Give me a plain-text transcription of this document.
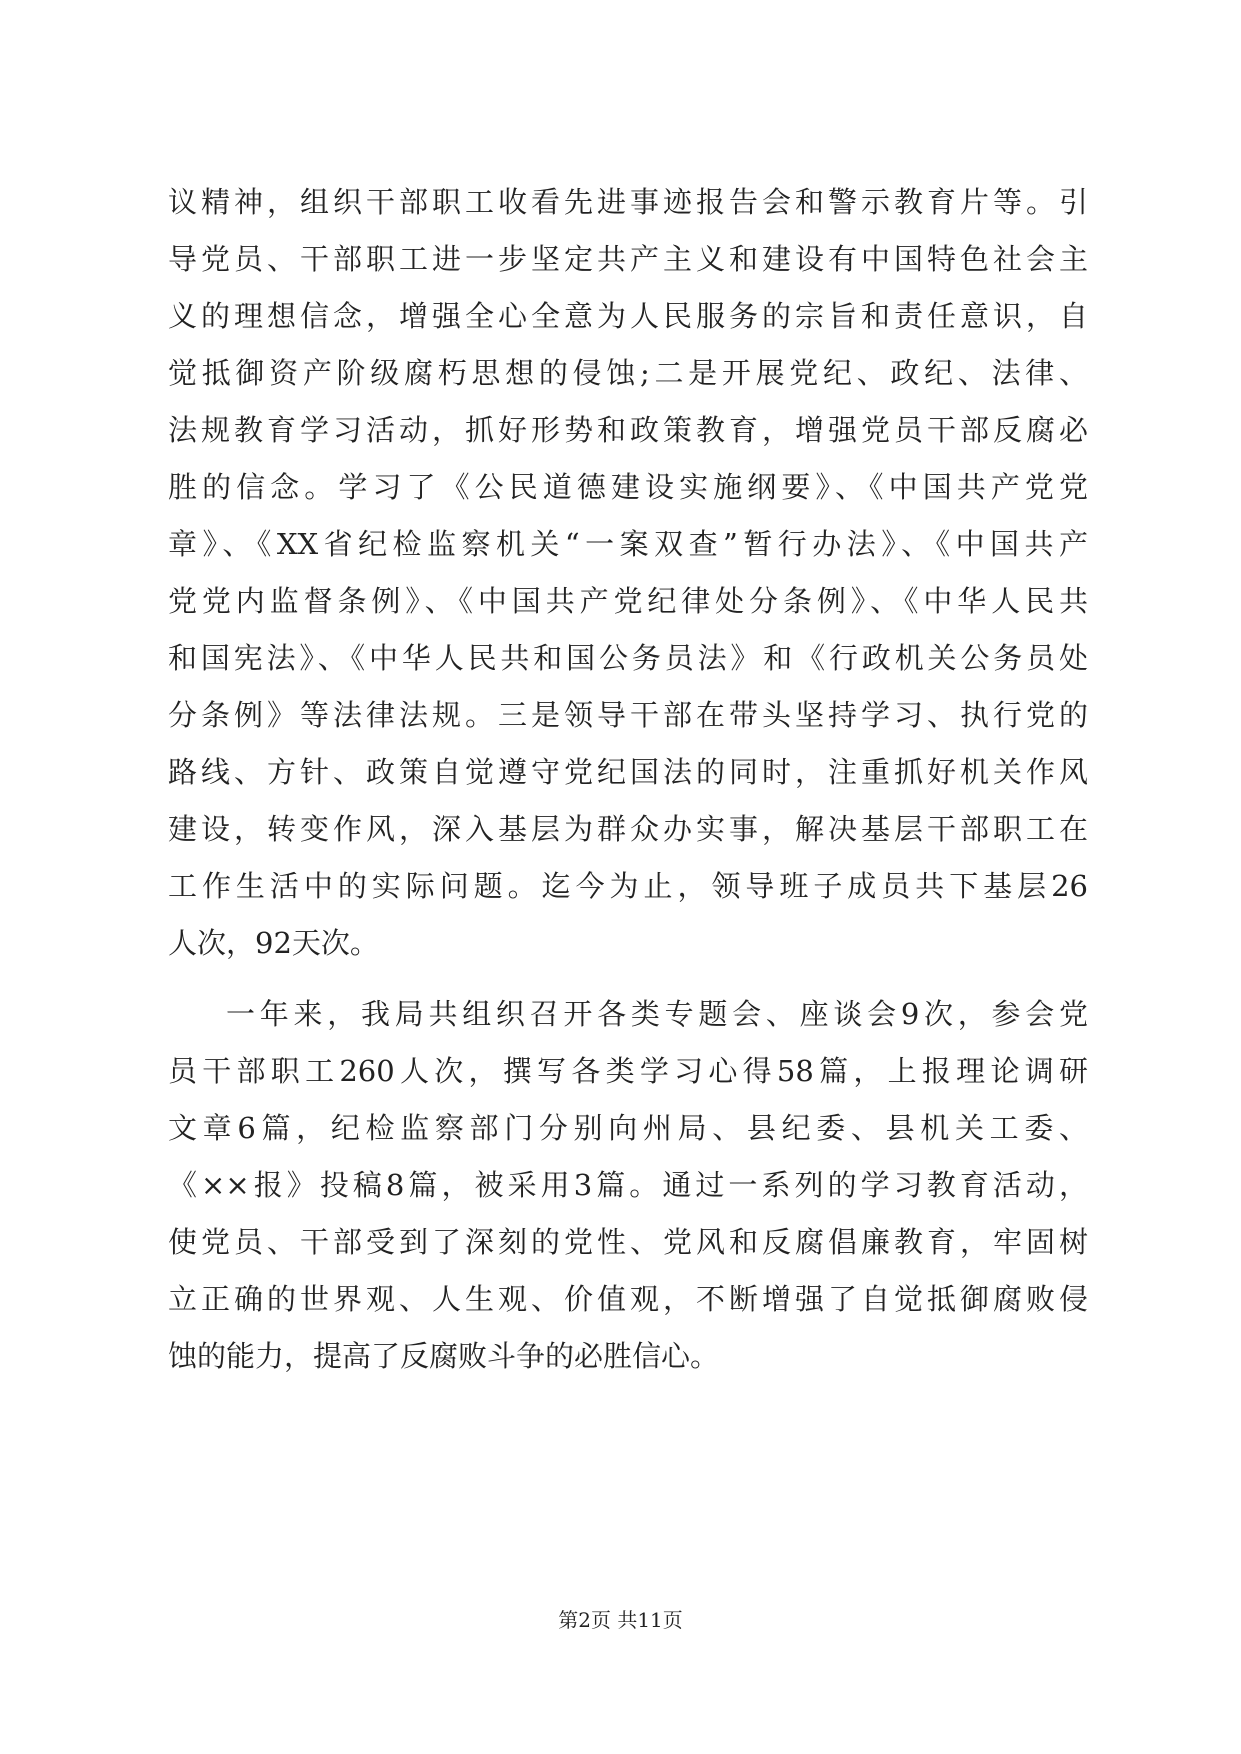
议精神，组织干部职工收看先进事迹报告会和警示教育片等。引
导党员、干部职工进一步坚定共产主义和建设有中国特色社会主
义的理想信念，增强全心全意为人民服务的宗旨和责任意识，自
觉抵御资产阶级腐朽思想的侵蚀;二是开展党纪、政纪、法律、
法规教育学习活动，抓好形势和政策教育，增强党员干部反腐必
胜的信念。学习了《公民道德建设实施纲要》、《中国共产党党
章》、《XX省纪检监察机关“一案双查”暂行办法》、《中国共产
党党内监督条例》、《中国共产党纪律处分条例》、《中华人民共
和国宪法》、《中华人民共和国公务员法》和《行政机关公务员处
分条例》等法律法规。三是领导干部在带头坚持学习、执行党的
路线、方针、政策自觉遵守党纪国法的同时，注重抓好机关作风
建设，转变作风，深入基层为群众办实事，解决基层干部职工在
工作生活中的实际问题。迄今为止，领导班子成员共下基层26
人次，92天次。
一年来，我局共组织召开各类专题会、座谈会9次，参会党
员干部职工260人次，撰写各类学习心得58篇，上报理论调研
文章6篇，纪检监察部门分别向州局、县纪委、县机关工委、
《××报》投稿8篇，被采用3篇。通过一系列的学习教育活动，
使党员、干部受到了深刻的党性、党风和反腐倡廉教育，牢固树
立正确的世界观、人生观、价值观，不断增强了自觉抵御腐败侵
蚀的能力，提高了反腐败斗争的必胜信心。
第2页 共11页
